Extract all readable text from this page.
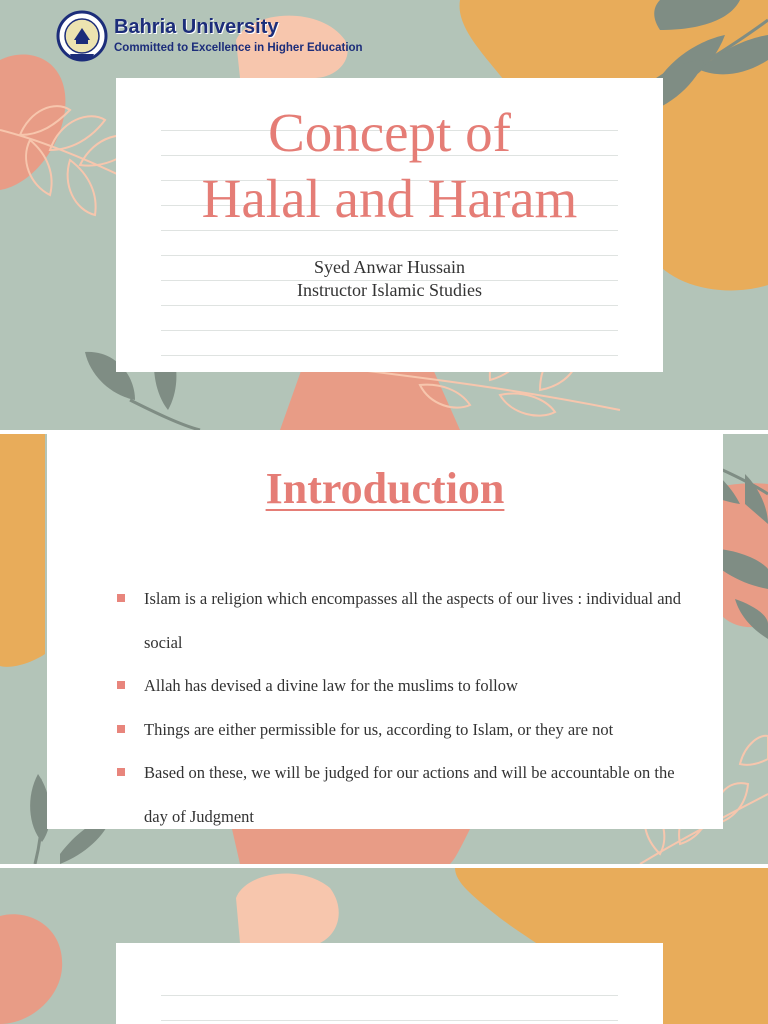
Bahria University
Committed to Excellence in Higher Education
Concept of
Halal and Haram
Syed Anwar Hussain
Instructor Islamic Studies
Introduction
Islam is a religion which encompasses all the aspects of our lives : individual and social
Allah has devised a divine law for the muslims to follow
Things are either permissible for us, according to Islam, or they are not
Based on these, we will be judged for our actions and will be accountable on the day of Judgment
